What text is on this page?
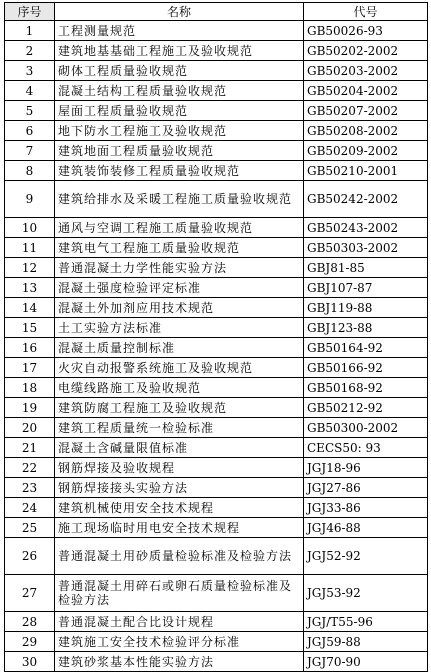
序号	名称	代号
1	工程测量规范	GB50026-93
2	建筑地基基础工程施工及验收规范	GB50202-2002
3	砌体工程质量验收规范	GB50203-2002
4	混凝土结构工程质量验收规范	GB50204-2002
5	屋面工程质量验收规范	GB50207-2002
6	地下防水工程施工及验收规范	GB50208-2002
7	建筑地面工程质量验收规范	GB50209-2002
8	建筑装饰装修工程质量验收规范	GB50210-2001
9	建筑给排水及采暖工程施工质量验收规范	GB50242-2002
10	通风与空调工程施工质量验收规范	GB50243-2002
11	建筑电气工程施工质量验收规范	GB50303-2002
12	普通混凝土力学性能实验方法	GBJ81-85
13	混凝土强度检验评定标准	GBJ107-87
14	混凝土外加剂应用技术规范	GBJ119-88
15	土工实验方法标准	GBJ123-88
16	混凝土质量控制标准	GB50164-92
17	火灾自动报警系统施工及验收规范	GB50166-92
18	电缆线路施工及验收规范	GB50168-92
19	建筑防腐工程施工及验收规范	GB50212-92
20	建筑工程质量统一检验标准	GB50300-2002
21	混凝土含碱量限值标准	CECS50: 93
22	钢筋焊接及验收规程	JGJ18-96
23	钢筋焊接接头实验方法	JGJ27-86
24	建筑机械使用安全技术规程	JGJ33-86
25	施工现场临时用电安全技术规程	JGJ46-88
26	普通混凝土用砂质量检验标准及检验方法	JGJ52-92
27	普通混凝土用碎石或卵石质量检验标准及检验方法	JGJ53-92
28	普通混凝土配合比设计规程	JGJ/T55-96
29	建筑施工安全技术检验评分标准	JGJ59-88
30	建筑砂浆基本性能实验方法	JGJ70-90
